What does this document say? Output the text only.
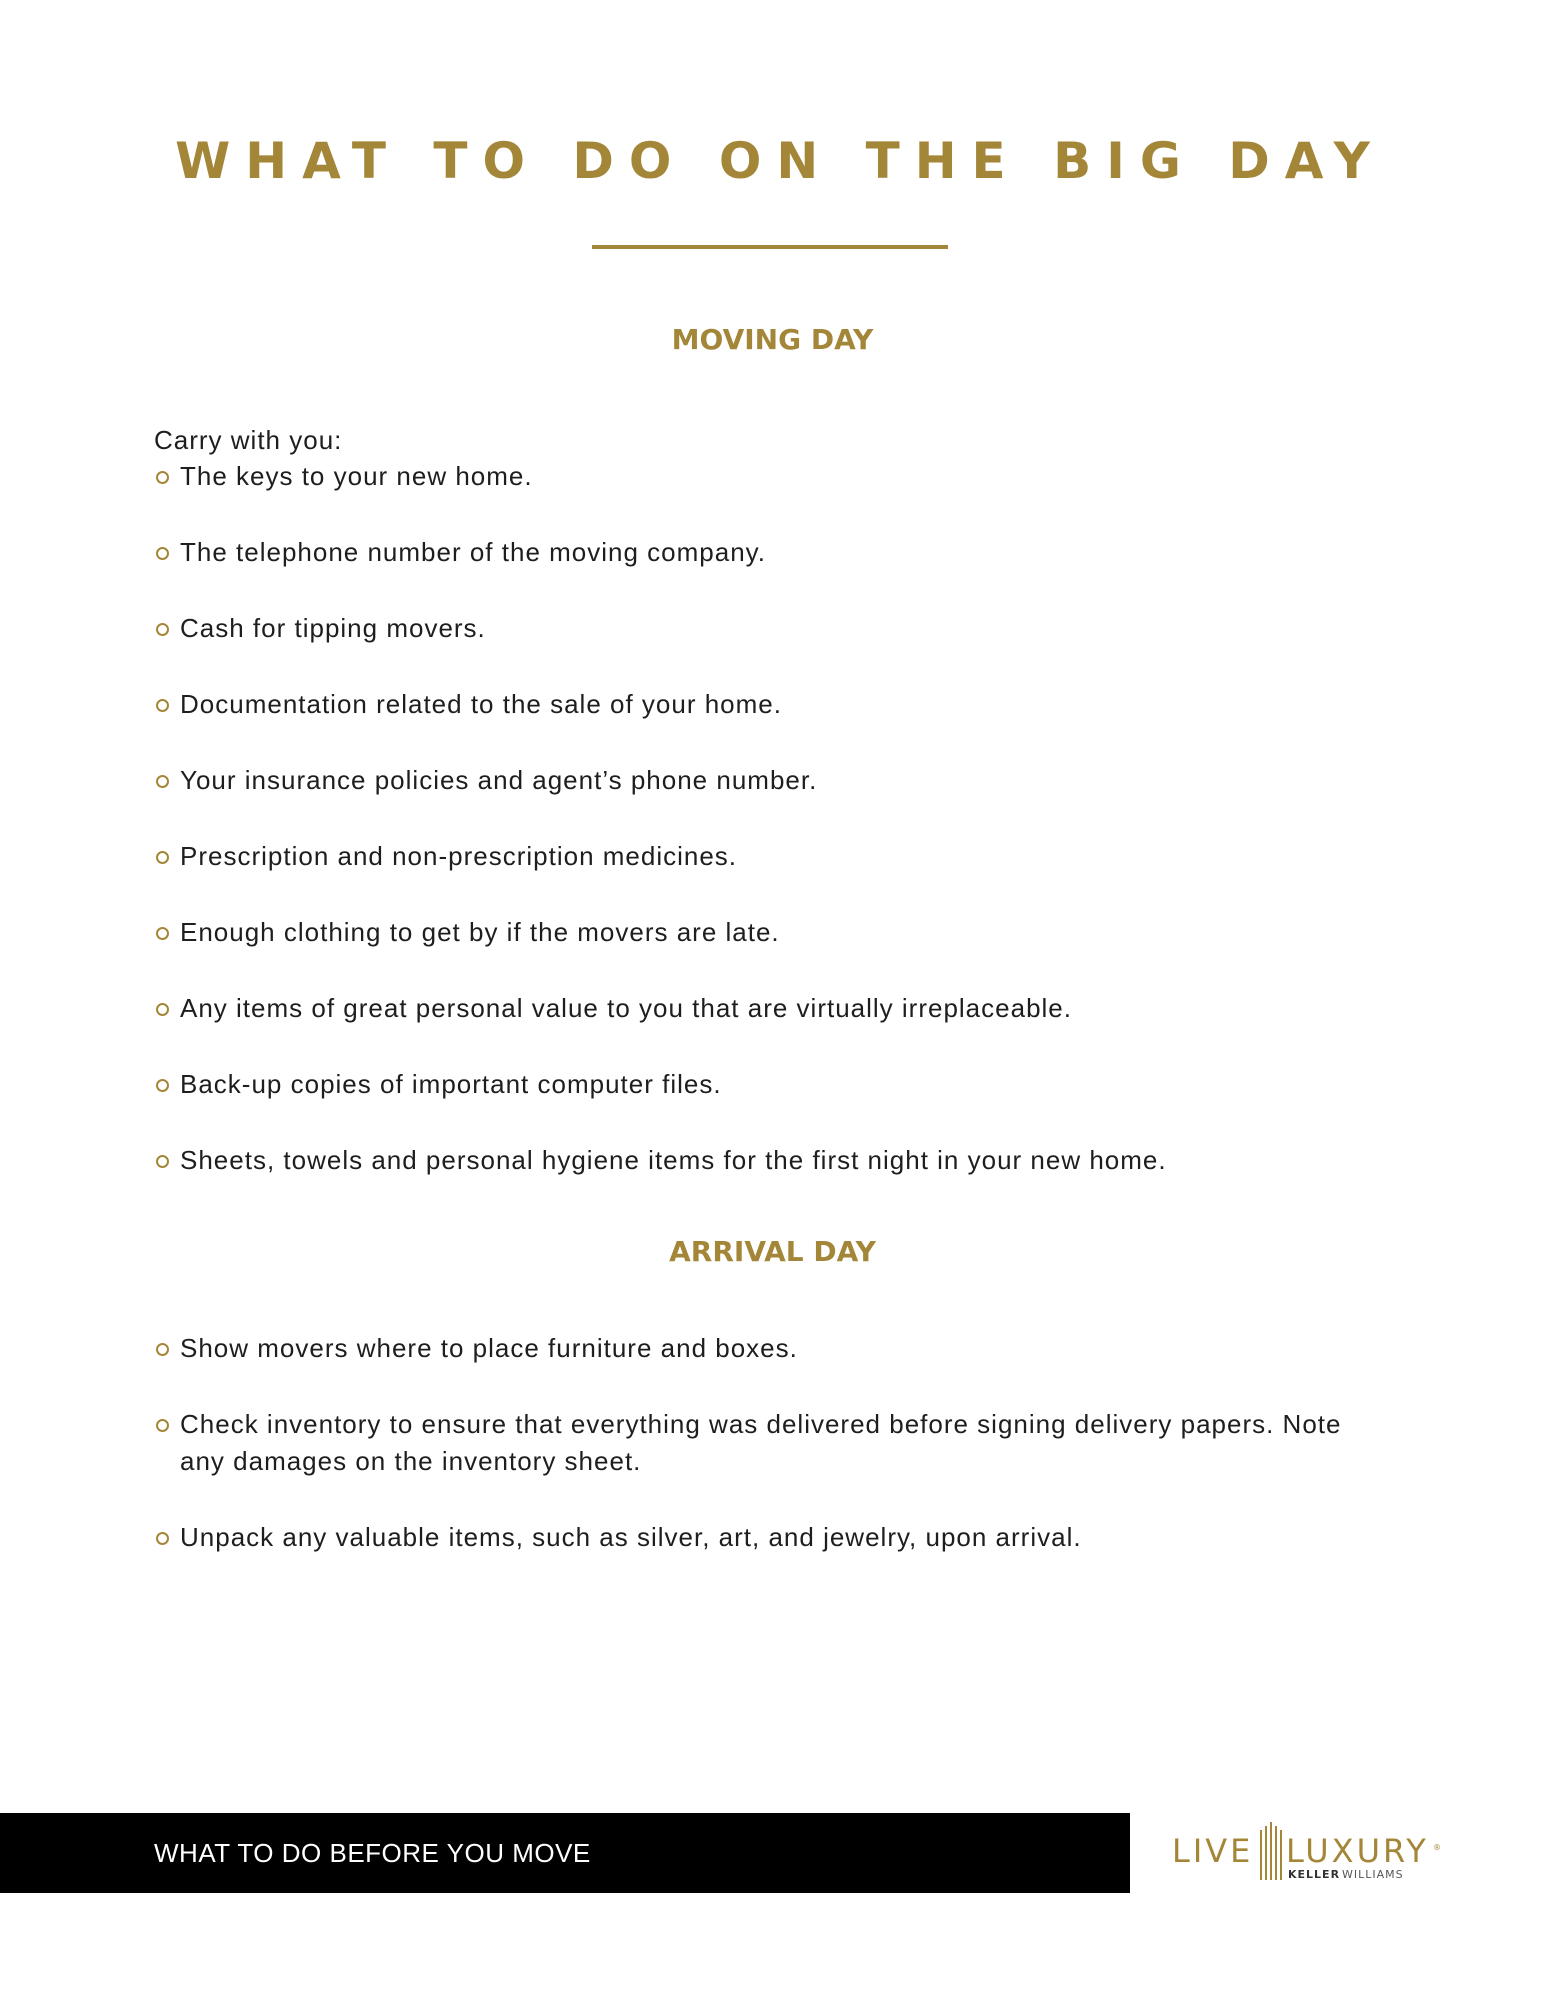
WHAT TO DO ON THE BIG DAY
MOVING DAY
Carry with you:
The keys to your new home.
The telephone number of the moving company.
Cash for tipping movers.
Documentation related to the sale of your home.
Your insurance policies and agent’s phone number.
Prescription and non-prescription medicines.
Enough clothing to get by if the movers are late.
Any items of great personal value to you that are virtually irreplaceable.
Back-up copies of important computer files.
Sheets, towels and personal hygiene items for the first night in your new home.
ARRIVAL DAY
Show movers where to place furniture and boxes.
Check inventory to ensure that everything was delivered before signing delivery papers. Note any damages on the inventory sheet.
Unpack any valuable items, such as silver, art, and jewelry, upon arrival.
WHAT TO DO BEFORE YOU MOVE	LIVE LUXURY ®
KELLER WILLIAMS
